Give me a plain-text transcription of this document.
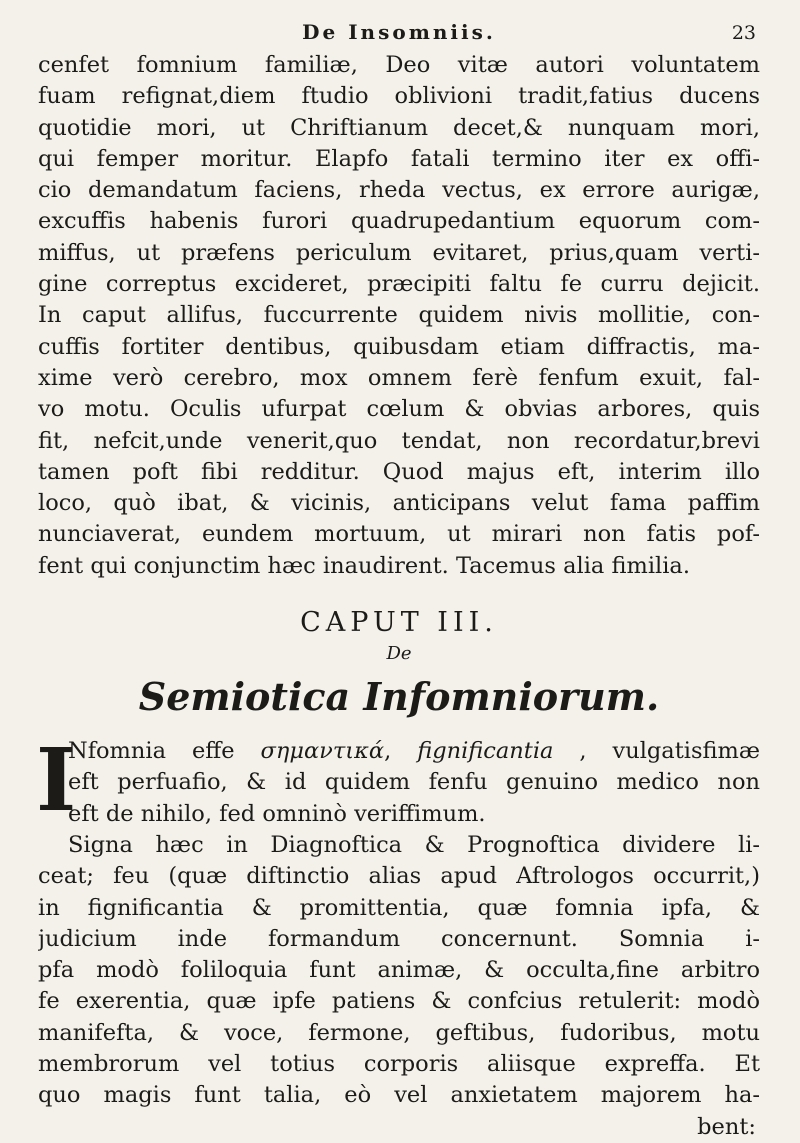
De Insomniis.	23
cenfet fomnium familiæ, Deo vitæ autori voluntatem
fuam refignat,diem ftudio oblivioni tradit,fatius ducens
quotidie mori, ut Chriftianum decet,& nunquam mori,
qui femper moritur. Elapfo fatali termino iter ex offi-
cio demandatum faciens, rheda vectus, ex errore aurigæ,
excuffis habenis furori quadrupedantium equorum com-
miffus, ut præfens periculum evitaret, prius,quam verti-
gine correptus excideret, præcipiti faltu fe curru dejicit.
In caput allifus, fuccurrente quidem nivis mollitie, con-
cuffis fortiter dentibus, quibusdam etiam diffractis, ma-
xime verò cerebro, mox omnem ferè fenfum exuit, fal-
vo motu. Oculis ufurpat cœlum & obvias arbores, quis
fit, nefcit,unde venerit,quo tendat, non recordatur,brevi
tamen poft fibi redditur. Quod majus eft, interim illo
loco, quò ibat, & vicinis, anticipans velut fama paffim
nunciaverat, eundem mortuum, ut mirari non fatis pof-
fent qui conjunctim hæc inaudirent. Tacemus alia fimilia.
CAPUT III.
De
Semiotica Infomniorum.
I
Nfomnia effe σημαντικά, fignificantia , vulgatisfimæ
eft perfuafio, & id quidem fenfu genuino medico non
eft de nihilo, fed omninò veriffimum.
Signa hæc in Diagnoftica & Prognoftica dividere li-
ceat; feu (quæ diftinctio alias apud Aftrologos occurrit,)
in fignificantia & promittentia, quæ fomnia ipfa, &
judicium inde formandum concernunt. Somnia i-
pfa modò foliloquia funt animæ, & occulta,fine arbitro
fe exerentia, quæ ipfe patiens & confcius retulerit: modò
manifefta, & voce, fermone, geftibus, fudoribus, motu
membrorum vel totius corporis aliisque expreffa. Et
quo magis funt talia, eò vel anxietatem majorem ha-
bent:
